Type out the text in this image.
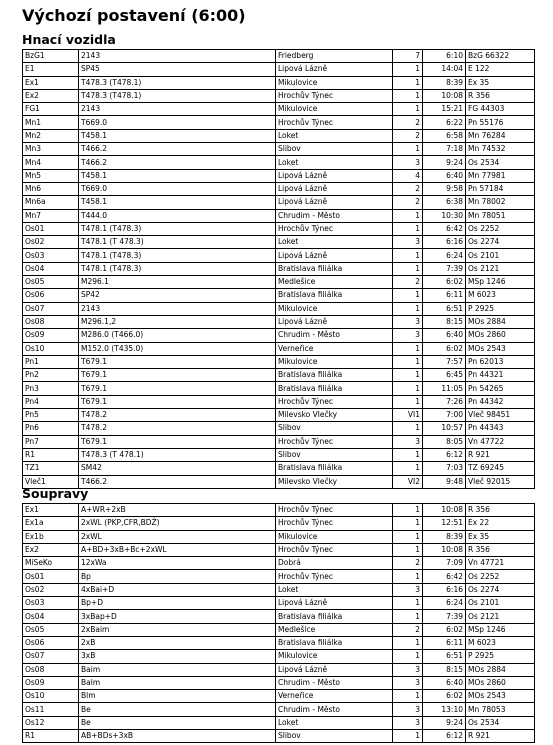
Výchozí postavení (6:00)
Hnací vozidla
BzG1	2143	Friedberg	7	6:10	BzG 66322
E1	SP45	Lipová Lázně	1	14:04	E 122
Ex1	T478.3 (T478.1)	Mikulovice	1	8:39	Ex 35
Ex2	T478.3 (T478.1)	Hrochův Týnec	1	10:08	R 356
FG1	2143	Mikulovice	1	15:21	FG 44303
Mn1	T669.0	Hrochův Týnec	2	6:22	Pn 55176
Mn2	T458.1	Loket	2	6:58	Mn 76284
Mn3	T466.2	Slibov	1	7:18	Mn 74532
Mn4	T466.2	Loket	3	9:24	Os 2534
Mn5	T458.1	Lipová Lázně	4	6:40	Mn 77981
Mn6	T669.0	Lipová Lázně	2	9:58	Pn 57184
Mn6a	T458.1	Lipová Lázně	2	6:38	Mn 78002
Mn7	T444.0	Chrudim - Město	1	10:30	Mn 78051
Os01	T478.1 (T478.3)	Hrochův Týnec	1	6:42	Os 2252
Os02	T478.1 (T 478.3)	Loket	3	6:16	Os 2274
Os03	T478.1 (T478.3)	Lipová Lázně	1	6:24	Os 2101
Os04	T478.1 (T478.3)	Bratislava filiálka	1	7:39	Os 2121
Os05	M296.1	Medlešice	2	6:02	MSp 1246
Os06	SP42	Bratislava filiálka	1	6:11	M 6023
Os07	2143	Mikulovice	1	6:51	P 2925
Os08	M296.1,2	Lipová Lázně	3	8:15	MOs 2884
Os09	M286.0 (T466.0)	Chrudim - Město	3	6:40	MOs 2860
Os10	M152.0 (T435.0)	Verneřice	1	6:02	MOs 2543
Pn1	T679.1	Mikulovice	1	7:57	Pn 62013
Pn2	T679.1	Bratislava filiálka	1	6:45	Pn 44321
Pn3	T679.1	Bratislava filiálka	1	11:05	Pn 54265
Pn4	T679.1	Hrochův Týnec	1	7:26	Pn 44342
Pn5	T478.2	Milevsko Vlečky	VI1	7:00	Vleč 98451
Pn6	T478.2	Slibov	1	10:57	Pn 44343
Pn7	T679.1	Hrochův Týnec	3	8:05	Vn 47722
R1	T478.3 (T 478.1)	Slibov	1	6:12	R 921
TZ1	SM42	Bratislava filiálka	1	7:03	TZ 69245
Vleč1	T466.2	Milevsko Vlečky	VI2	9:48	Vleč 92015
Soupravy
Ex1	A+WR+2xB	Hrochův Týnec	1	10:08	R 356
Ex1a	2xWL (PKP,CFR,BDŽ)	Hrochův Týnec	1	12:51	Ex 22
Ex1b	2xWL	Mikulovice	1	8:39	Ex 35
Ex2	A+BD+3xB+Bc+2xWL	Hrochův Týnec	1	10:08	R 356
MiSeKo	12xWa	Dobrá	2	7:09	Vn 47721
Os01	Bp	Hrochův Týnec	1	6:42	Os 2252
Os02	4xBai+D	Loket	3	6:16	Os 2274
Os03	Bp+D	Lipová Lázně	1	6:24	Os 2101
Os04	3xBap+D	Bratislava filiálka	1	7:39	Os 2121
Os05	2xBaim	Medlešice	2	6:02	MSp 1246
Os06	2xB	Bratislava filiálka	1	6:11	M 6023
Os07	3xB	Mikulovice	1	6:51	P 2925
Os08	Baim	Lipová Lázně	3	8:15	MOs 2884
Os09	Balm	Chrudim - Město	3	6:40	MOs 2860
Os10	Blm	Verneřice	1	6:02	MOs 2543
Os11	Be	Chrudim - Město	3	13:10	Mn 78053
Os12	Be	Loket	3	9:24	Os 2534
R1	AB+BDs+3xB	Slibov	1	6:12	R 921
